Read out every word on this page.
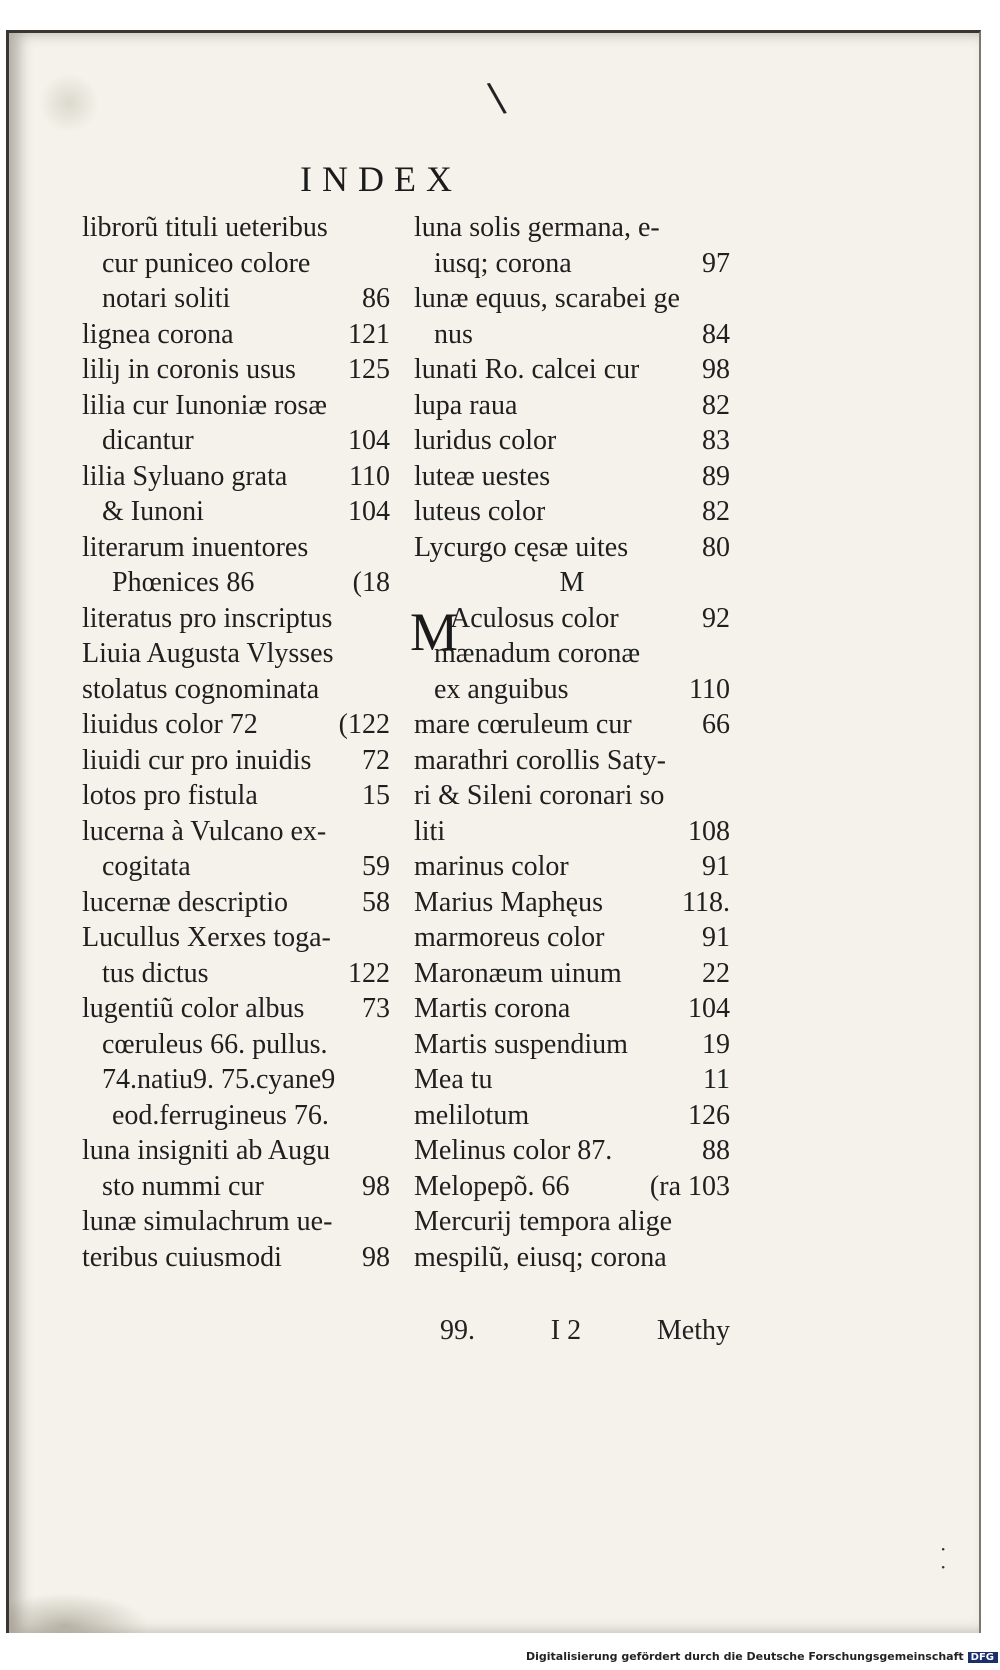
\
INDEX
librorũ tituli ueteribus
cur puniceo colore
notari soliti	86
lignea corona	121
liliȷ in coronis usus 125
lilia cur Iunoniæ rosæ
dicantur	104
lilia Syluano grata 110
& Iunoni	104
literarum inuentores
Phœnices 86	(18
literatus pro inscriptus
Liuia Augusta Vlysses
stolatus cognominata
liuidus color 72	(122
liuidi cur pro inuidis 72
lotos pro fistula	15
lucerna à Vulcano ex-
cogitata	59
lucernæ descriptio	58
Lucullus Xerxes toga-
tus dictus	122
lugentiũ color albus 73
cœruleus 66. pullus.
74.natiu9. 75.cyane9
eod.ferrugineus 76.
luna insigniti ab Augu
sto nummi cur	98
lunæ simulachrum ue-
teribus cuiusmodi	98
luna solis germana, e-
iusq; corona	97
lunæ equus, scarabei ge
nus	84
lunati Ro. calcei cur 98
lupa raua	82
luridus color	83
luteæ uestes	89
luteus color	82
Lycurgo cęsæ uites	80
M
M
Aculosus color	92
mænadum coronæ
ex anguibus	110
mare cœruleum cur	66
marathri corollis Saty-
ri & Sileni coronari so
liti	108
marinus color	91
Marius Maphęus	118.
marmoreus color	91
Maronæum uinum	22
Martis corona	104
Martis suspendium	19
Mea tu	11
melilotum	126
Melinus color 87.	88
Melopepõ. 66	(ra 103
Mercurij tempora alige
mespilũ, eiusq; corona
99.	I 2	Methy
·
·
Digitalisierung gefördert durch die Deutsche Forschungsgemeinschaft DFG
